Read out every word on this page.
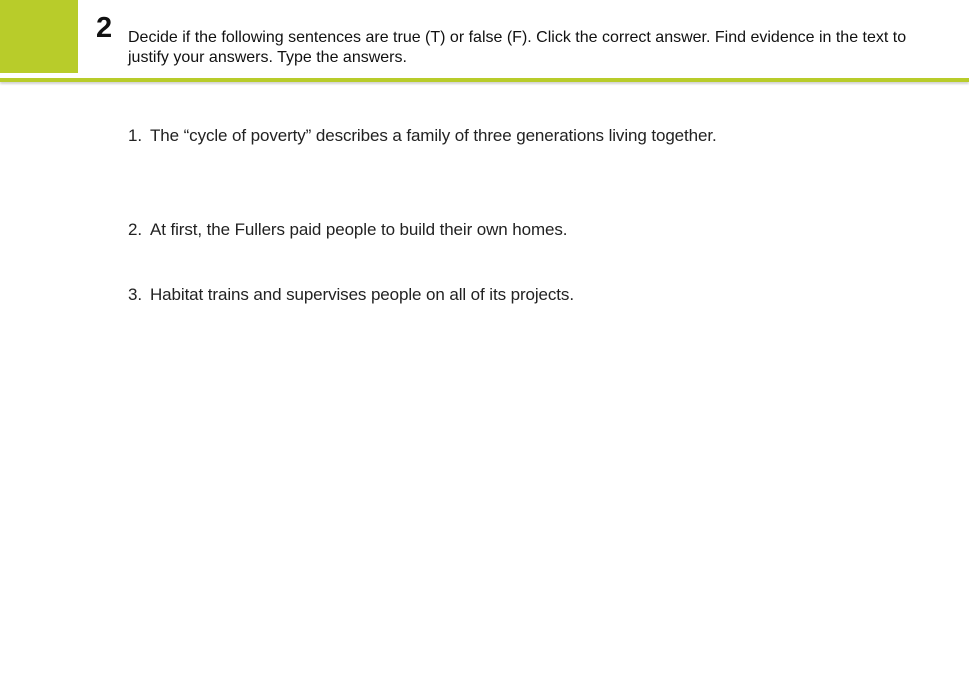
2 Decide if the following sentences are true (T) or false (F). Click the correct answer. Find evidence in the text to justify your answers. Type the answers.
1. The “cycle of poverty” describes a family of three generations living together.
2. At first, the Fullers paid people to build their own homes.
3. Habitat trains and supervises people on all of its projects.
